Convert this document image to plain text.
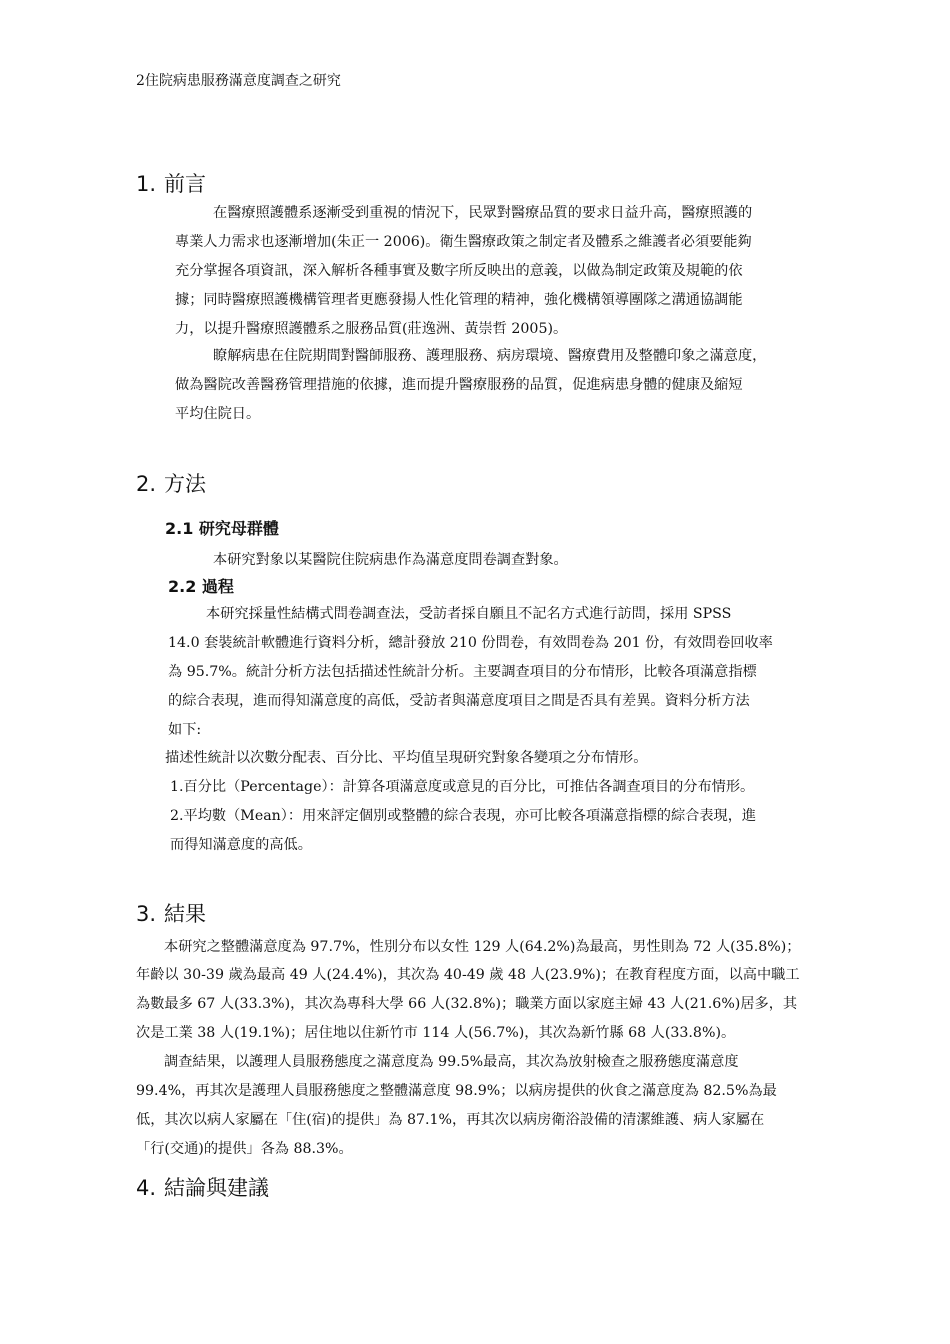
2住院病患服務滿意度調查之研究
1. 前言
在醫療照護體系逐漸受到重視的情況下，民眾對醫療品質的要求日益升高，醫療照護的
專業人力需求也逐漸增加(朱正一 2006)。衛生醫療政策之制定者及體系之維護者必須要能夠
充分掌握各項資訊，深入解析各種事實及數字所反映出的意義，以做為制定政策及規範的依
據；同時醫療照護機構管理者更應發揚人性化管理的精神，強化機構領導團隊之溝通協調能
力，以提升醫療照護體系之服務品質(莊逸洲、黃崇哲 2005)。
瞭解病患在住院期間對醫師服務、護理服務、病房環境、醫療費用及整體印象之滿意度，
做為醫院改善醫務管理措施的依據，進而提升醫療服務的品質，促進病患身體的健康及縮短
平均住院日。
2. 方法
2.1 研究母群體
本研究對象以某醫院住院病患作為滿意度問卷調查對象。
2.2 過程
本研究採量性結構式問卷調查法，受訪者採自願且不記名方式進行訪問，採用 SPSS
14.0 套裝統計軟體進行資料分析，總計發放 210 份問卷，有效問卷為 201 份，有效問卷回收率
為 95.7%。統計分析方法包括描述性統計分析。主要調查項目的分布情形，比較各項滿意指標
的綜合表現，進而得知滿意度的高低，受訪者與滿意度項目之間是否具有差異。資料分析方法
如下:
描述性統計以次數分配表、百分比、平均值呈現研究對象各變項之分布情形。
1.百分比（Percentage）：計算各項滿意度或意見的百分比，可推估各調查項目的分布情形。
2.平均數（Mean）：用來評定個別或整體的綜合表現，亦可比較各項滿意指標的綜合表現，進
而得知滿意度的高低。
3. 結果
本研究之整體滿意度為 97.7%，性別分布以女性 129 人(64.2%)為最高，男性則為 72 人(35.8%)；
年齡以 30-39 歲為最高 49 人(24.4%)，其次為 40-49 歲 48 人(23.9%)；在教育程度方面，以高中職工
為數最多 67 人(33.3%)，其次為專科大學 66 人(32.8%)；職業方面以家庭主婦 43 人(21.6%)居多，其
次是工業 38 人(19.1%)；居住地以住新竹市 114 人(56.7%)，其次為新竹縣 68 人(33.8%)。
調查結果，以護理人員服務態度之滿意度為 99.5%最高，其次為放射檢查之服務態度滿意度
99.4%，再其次是護理人員服務態度之整體滿意度 98.9%；以病房提供的伙食之滿意度為 82.5%為最
低，其次以病人家屬在「住(宿)的提供」為 87.1%，再其次以病房衛浴設備的清潔維護、病人家屬在
「行(交通)的提供」各為 88.3%。
4. 結論與建議
